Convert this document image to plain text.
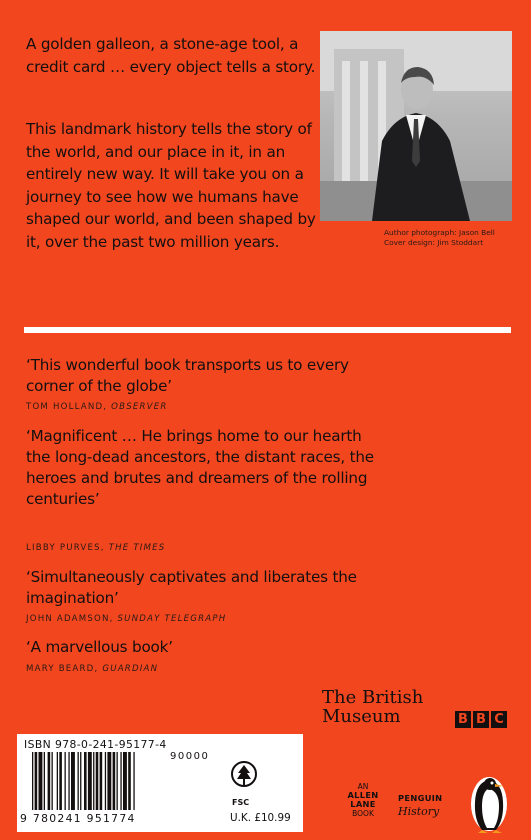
A golden galleon, a stone-age tool, a credit card … every object tells a story.

This landmark history tells the story of the world, and our place in it, in an entirely new way. It will take you on a journey to see how we humans have shaped our world, and been shaped by it, over the past two million years.	Author photograph: Jason Bell
Cover design: Jim Stoddart

‘This wonderful book transports us to every corner of the globe’

TOM HOLLAND, OBSERVER

‘Magnificent … He brings home to our hearth the long-dead ancestors, the distant races, the heroes and brutes and dreamers of the rolling centuries’

LIBBY PURVES, THE TIMES

‘Simultaneously captivates and liberates the imagination’

JOHN ADAMSON, SUNDAY TELEGRAPH

‘A marvellous book’

MARY BEARD, GUARDIAN
The British
Museum	B B C
ISBN 978-0-241-95177-4
90000
9 780241 951774
FSC
U.K. £10.99
AN
ALLEN
LANE
BOOK
PENGUIN
History
